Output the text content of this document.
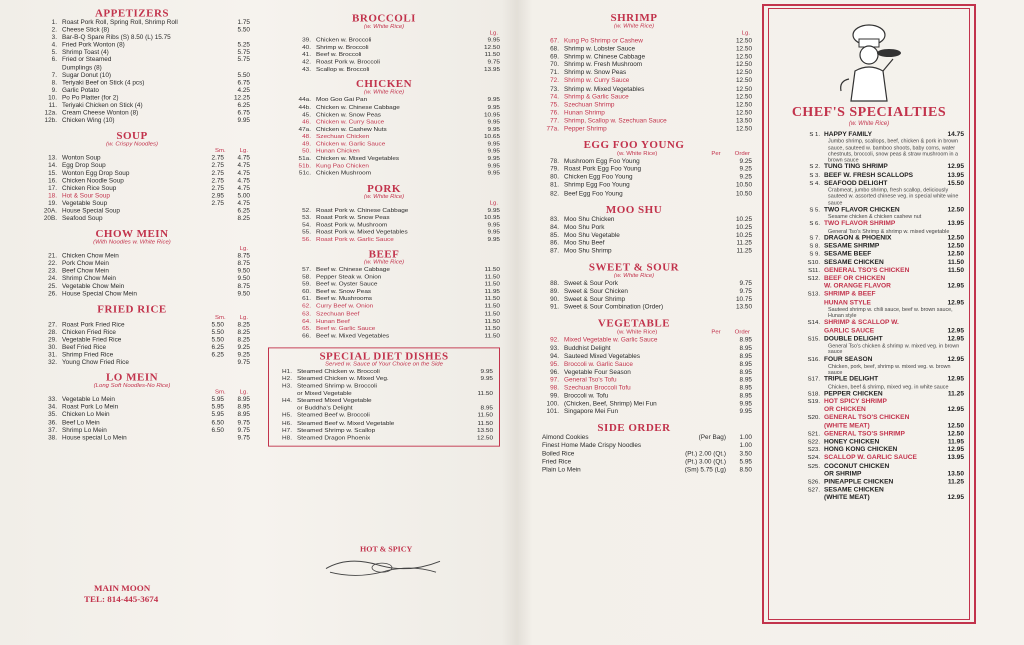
APPETIZERS
1. Roast Pork Roll, Spring Roll, Shrimp Roll	1.75
2. Cheese Stick (8)	5.50
3. Bar-B-Q Spare Ribs (S) 8.50 (L) 15.75
4. Fried Pork Wonton (8)	5.25
5. Shrimp Toast (4)	5.75
6. Fried or Steamed	5.75
Dumplings (8)
7. Sugar Donut (10)	5.50
8. Teriyaki Beef on Stick (4 pcs)	6.75
9. Garlic Potato	4.25
10. Po Po Platter (for 2)	12.25
11. Teriyaki Chicken on Stick (4)	6.25
12a. Cream Cheese Wonton (8)	6.75
12b. Chicken Wing (10)	9.95
SOUP
(w. Crispy Noodles)
Sm. Lg.
13. Wonton Soup	2.75	4.75
14. Egg Drop Soup	2.75	4.75
15. Wonton Egg Drop Soup	2.75	4.75
16. Chicken Noodle Soup	2.75	4.75
17. Chicken Rice Soup	2.75	4.75
18. Hot & Sour Soup	2.95	5.00
19. Vegetable Soup	2.75	4.75
20A. House Special Soup	6.25
20B. Seafood Soup	8.25
CHOW MEIN
(With Noodles w. White Rice)
Lg.
21. Chicken Chow Mein	8.75
22. Pork Chow Mein	8.75
23. Beef Chow Mein	9.50
24. Shrimp Chow Mein	9.50
25. Vegetable Chow Mein	8.75
26. House Special Chow Mein	9.50
FRIED RICE
Sm. Lg.
27. Roast Pork Fried Rice	5.50	8.25
28. Chicken Fried Rice	5.50	8.25
29. Vegetable Fried Rice	5.50	8.25
30. Beef Fried Rice	6.25	9.25
31. Shrimp Fried Rice	6.25	9.25
32. Young Chow Fried Rice	9.75
LO MEIN
(Long Soft Noodles-No Rice)
Sm. Lg.
33. Vegetable Lo Mein	5.95	8.95
34. Roast Pork Lo Mein	5.95	8.95
35. Chicken Lo Mein	5.95	8.95
36. Beef Lo Mein	6.50	9.75
37. Shrimp Lo Mein	6.50	9.75
38. House special Lo Mein	9.75
MAIN MOON
TEL: 814-445-3674
BROCCOLI
(w. White Rice)
Lg.
39. Chicken w. Broccoli	9.95
40. Shrimp w. Broccoli	12.50
41. Beef w. Broccoli	11.50
42. Roast Pork w. Broccoli	9.75
43. Scallop w. Broccoli	13.95
CHICKEN
(w. White Rice)
44a. Moo Goo Gai Pan	9.95
44b. Chicken w. Chinese Cabbage	9.95
45. Chicken w. Snow Peas	10.95
46. Chicken w. Curry Sauce	9.95
47a. Chicken w. Cashew Nuts	9.95
48. Szechuan Chicken	10.65
49. Chicken w. Garlic Sauce	9.95
50. Hunan Chicken	9.95
51a. Chicken w. Mixed Vegetables	9.95
51b. Kung Pao Chicken	9.95
51c. Chicken Mushroom	9.95
PORK
(w. White Rice)
Lg.
52. Roast Pork w. Chinese Cabbage	9.95
53. Roast Pork w. Snow Peas	10.95
54. Roast Pork w. Mushroom	9.95
55. Roast Pork w. Mixed Vegetables	9.95
56. Roast Pork w. Garlic Sauce	9.95
BEEF
(w. White Rice)
57. Beef w. Chinese Cabbage	11.50
58. Pepper Steak w. Onion	11.50
59. Beef w. Oyster Sauce	11.50
60. Beef w. Snow Peas	11.95
61. Beef w. Mushrooms	11.50
62. Curry Beef w. Onion	11.50
63. Szechuan Beef	11.50
64. Hunan Beef	11.50
65. Beef w. Garlic Sauce	11.50
66. Beef w. Mixed Vegetables	11.50
SPECIAL DIET DISHES
Served w. Sauce of Your Choice on the Side
H1. Steamed Chicken w. Broccoli	9.95
H2. Steamed Chicken w. Mixed Veg.	9.95
H3. Steamed Shrimp w. Broccoli
or Mixed Vegetable	11.50
H4. Steamed Mixed Vegetable
or Buddha's Delight	8.95
H5. Steamed Beef w. Broccoli	11.50
H6. Steamed Beef w. Mixed Vegetable	11.50
H7. Steamed Shrimp w. Scallop	13.50
H8. Steamed Dragon Phoenix	12.50
HOT & SPICY
SHRIMP
(w. White Rice)
Lg.
67. Kung Po Shrimp or Cashew	12.50
68. Shrimp w. Lobster Sauce	12.50
69. Shrimp w. Chinese Cabbage	12.50
70. Shrimp w. Fresh Mushroom	12.50
71. Shrimp w. Snow Peas	12.50
72. Shrimp w. Curry Sauce	12.50
73. Shrimp w. Mixed Vegetables	12.50
74. Shrimp & Garlic Sauce	12.50
75. Szechuan Shrimp	12.50
76. Hunan Shrimp	12.50
77. Shrimp, Scallop w. Szechuan Sauce	13.50
77a. Pepper Shrimp	12.50
EGG FOO YOUNG
(w. White Rice)	Per Order
78. Mushroom Egg Foo Young	9.25
79. Roast Pork Egg Foo Young	9.25
80. Chicken Egg Foo Young	9.25
81. Shrimp Egg Foo Young	10.50
82. Beef Egg Foo Young	10.50
MOO SHU
83. Moo Shu Chicken	10.25
84. Moo Shu Pork	10.25
85. Moo Shu Vegetable	10.25
86. Moo Shu Beef	11.25
87. Moo Shu Shrimp	11.25
SWEET & SOUR
(w. White Rice)
88. Sweet & Sour Pork	9.75
89. Sweet & Sour Chicken	9.75
90. Sweet & Sour Shrimp	10.75
91. Sweet & Sour Combination (Order)	13.50
VEGETABLE
(w. White Rice)	Per Order
92. Mixed Vegetable w. Garlic Sauce	8.95
93. Buddhist Delight	8.95
94. Sauteed Mixed Vegetables	8.95
95. Broccoli w. Garlic Sauce	8.95
96. Vegetable Four Season	8.95
97. General Tso's Tofu	8.95
98. Szechuan Broccoli Tofu	8.95
99. Broccoli w. Tofu	8.95
100. (Chicken, Beef, Shrimp) Mei Fun	9.95
101. Singapore Mei Fun	9.95
SIDE ORDER
Almond Cookies	(Per Bag)	1.00
Finest Home Made Crispy Noodles	1.00
Boiled Rice	(Pt.) 2.00 (Qt.)	3.50
Fried Rice	(Pt.) 3.00 (Qt.)	5.95
Plain Lo Mein	(Sm) 5.75 (Lg)	8.50
CHEF'S SPECIALTIES
(w. White Rice)
S 1. HAPPY FAMILY	14.75
Jumbo shrimp, scallops, beef, chicken & pork in brown sauce, sauteed w. bamboo shoots, baby corns, water chestnuts, broccoli, snow peas & straw mushroom in a brown sauce
S 2. TUNG TING SHRIMP	12.95
S 3. BEEF W. FRESH SCALLOPS	13.95
S 4. SEAFOOD DELIGHT	15.50
Crabmeat, jumbo shrimp, fresh scallop, deliciously sauteed w. assorted chinese veg. in special white wine sauce
S 5. TWO FLAVOR CHICKEN	12.50
Sesame chicken & chicken cashew nut
S 6. TWO FLAVOR SHRIMP	13.95
General Tso's Shrimp & shrimp w. mixed vegetable
S 7. DRAGON & PHOENIX	12.50
S 8. SESAME SHRIMP	12.50
S 9. SESAME BEEF	12.50
S10. SESAME CHICKEN	11.50
S11. GENERAL TSO'S CHICKEN	11.50
S12. BEEF OR CHICKEN
W. ORANGE FLAVOR	12.95
S13. SHRIMP & BEEF
HUNAN STYLE	12.95
Sauteed shrimp w. chili sauce, beef w. brown sauce, Hunan style
S14. SHRIMP & SCALLOP W.
GARLIC SAUCE	12.95
S15. DOUBLE DELIGHT	12.95
General Tso's chicken & shrimp w. mixed veg. in brown sauce
S16. FOUR SEASON	12.95
Chicken, pork, beef, shrimp w. mixed veg. w. brown sauce
S17. TRIPLE DELIGHT	12.95
Chicken, beef & shrimp, mixed veg. in white sauce
S18. PEPPER CHICKEN	11.25
S19. HOT SPICY SHRIMP
OR CHICKEN	12.95
S20. GENERAL TSO'S CHICKEN
(WHITE MEAT)	12.50
S21. GENERAL TSO'S SHRIMP	12.50
S22. HONEY CHICKEN	11.95
S23. HONG KONG CHICKEN	12.95
S24. SCALLOP W. GARLIC SAUCE	13.95
S25. COCONUT CHICKEN
OR SHRIMP	13.50
S26. PINEAPPLE CHICKEN	11.25
S27. SESAME CHICKEN
(WHITE MEAT)	12.95
